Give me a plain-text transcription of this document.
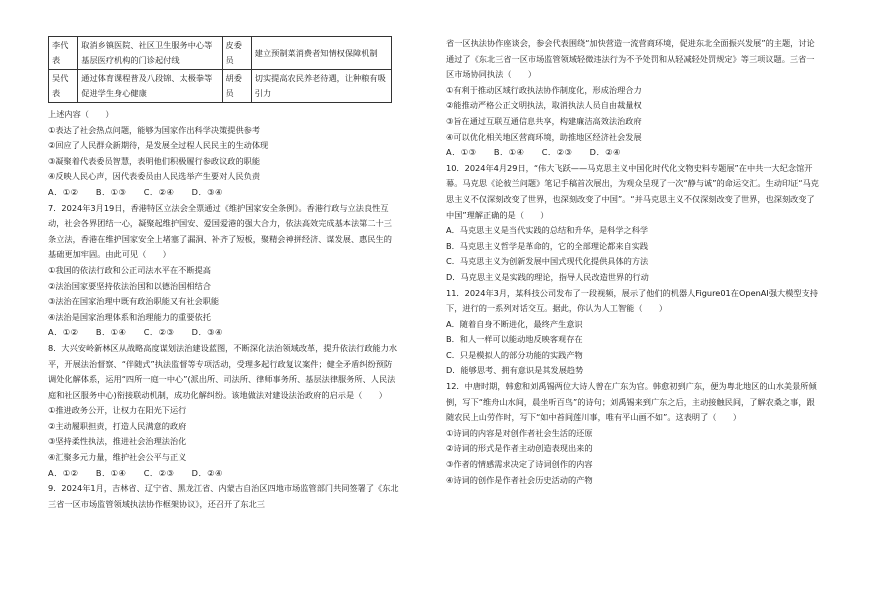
李代表	取消乡镇医院、社区卫生服务中心等基层医疗机构的门诊起付线	皮委员	建立预制菜消费者知情权保障机制
吴代表	通过体育课程普及八段锦、太极拳等促进学生身心健康	胡委员	切实提高农民养老待遇，让种粮有吸引力

上述内容（　　）

①表达了社会热点问题，能够为国家作出科学决策提供参考

②回应了人民群众新期待，是发展全过程人民民主的生动体现

③凝聚着代表委员智慧，表明他们积极履行参政议政的职能

④反映人民心声，因代表委员由人民选举产生要对人民负责

A．①②　　B．①③　　C．②④　　D．③④

7．2024年3月19日，香港特区立法会全票通过《维护国家安全条例》。香港行政与立法良性互动，社会各界团结一心，凝聚起维护国安、爱国爱港的强大合力，依法高效完成基本法第二十三条立法，香港在维护国家安全上堵塞了漏洞、补齐了短板，聚精会神拼经济、谋发展、惠民生的基础更加牢固。由此可见（　　）

①我国的依法行政和公正司法水平在不断提高

②法治国家要坚持依法治国和以德治国相结合

③法治在国家治理中既有政治职能又有社会职能

④法治是国家治理体系和治理能力的重要依托

A．①②　　B．①④　　C．②③　　D．③④

8．大兴安岭新林区从战略高度谋划法治建设蓝图，不断深化法治领域改革，提升依法行政能力水平，开展法治督察、“伴随式”执法监督等专项活动，受理多起行政复议案件；健全矛盾纠纷预防调处化解体系，运用“四所一庭一中心”(派出所、司法所、律师事务所、基层法律服务所、人民法庭和社区服务中心)衔接联动机制，成功化解纠纷。该地做法对建设法治政府的启示是（　　）

①推进政务公开，让权力在阳光下运行

②主动履职担责，打造人民满意的政府

③坚持柔性执法，推进社会治理法治化

④汇聚多元力量，维护社会公平与正义

A．①②　　B．①④　　C．②③　　D．②④

9．2024年1月，吉林省、辽宁省、黑龙江省、内蒙古自治区四地市场监管部门共同签署了《东北三省一区市场监管领域执法协作框架协议》，还召开了东北三

省一区执法协作座谈会，参会代表围绕“加快营造一流营商环境，促进东北全面振兴发展”的主题，讨论通过了《东北三省一区市场监管领域轻微违法行为不予处罚和从轻减轻处罚规定》等三项议题。三省一区市场协同执法（　　）

①有利于推动区域行政执法协作制度化，形成治理合力

②能推动严格公正文明执法，取消执法人员自由裁量权

③旨在通过互联互通信息共享，构建廉洁高效法治政府

④可以优化相关地区营商环境，助推地区经济社会发展

A．①③　　B．①④　　C．②③　　D．②④

10．2024年4月29日，“伟大飞跃——马克思主义中国化时代化文物史料专题展”在中共一大纪念馆开幕。马克思《论彼兰问题》笔记手稿首次展出，为观众呈现了一次“静与诚”的命运交汇。生动印证“马克思主义不仅深刻改变了世界，也深刻改变了中国”。“并马克思主义不仅深刻改变了世界，也深刻改变了中国”理解正确的是（　　）

A．马克思主义是当代实践的总结和升华，是科学之科学

B．马克思主义哲学是革命的，它的全部理论都来自实践

C．马克思主义为创新发展中国式现代化提供具体的方法

D．马克思主义是实践的理论，指导人民改造世界的行动

11．2024年3月，某科技公司发布了一段视频，展示了他们的机器人Figure01在OpenAI强大模型支持下，进行的一系列对话交互。据此，你认为人工智能（　　）

A．随着自身不断进化，最终产生意识

B．和人一样可以能动地反映客观存在

C．只是模拟人的部分功能的实践产物

D．能够思考、拥有意识是其发展趋势

12．中唐时期，韩愈和刘禹锡两位大诗人曾在广东为官。韩愈初到广东，便为粤北地区的山水美景所倾倒，写下“维舟山水间，晨坐听百鸟”的诗句；刘禹锡来到广东之后，主动接触民间，了解农桑之事，跟随农民上山劳作时，写下“如中苔间莲川事，唯有平山画不如”。这表明了（　　）

①诗词的内容是对创作者社会生活的还原

②诗词的形式是作者主动创造表现出来的

③作者的情感需求决定了诗词创作的内容

④诗词的创作是作者社会历史活动的产物
